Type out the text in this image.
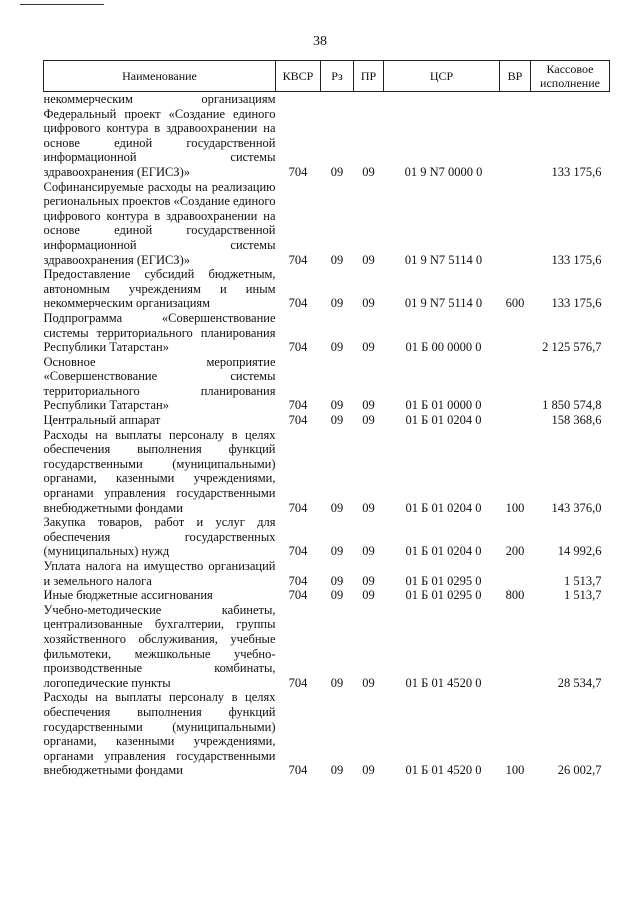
38
Наименование	КВСР	Рз	ПР	ЦСР	ВР	Кассовое исполнение
некоммерческим организациям						
Федеральный проект «Создание единого цифрового контура в здравоохранении на основе единой государственной информационной системы здравоохранения (ЕГИСЗ)»	704	09	09	01 9 N7 0000 0		133 175,6
Софинансируемые расходы на реализацию региональных проектов «Создание единого цифрового контура в здравоохранении на основе единой государственной информационной системы здравоохранения (ЕГИСЗ)»	704	09	09	01 9 N7 5114 0		133 175,6
Предоставление субсидий бюджетным, автономным учреждениям и иным некоммерческим организациям	704	09	09	01 9 N7 5114 0	600	133 175,6
Подпрограмма «Совершенствование системы территориального планирования Республики Татарстан»	704	09	09	01 Б 00 0000 0		2 125 576,7
Основное мероприятие «Совершенствование системы территориального планирования Республики Татарстан»	704	09	09	01 Б 01 0000 0		1 850 574,8
Центральный аппарат	704	09	09	01 Б 01 0204 0		158 368,6
Расходы на выплаты персоналу в целях обеспечения выполнения функций государственными (муниципальными) органами, казенными учреждениями, органами управления государственными внебюджетными фондами	704	09	09	01 Б 01 0204 0	100	143 376,0
Закупка товаров, работ и услуг для обеспечения государственных (муниципальных) нужд	704	09	09	01 Б 01 0204 0	200	14 992,6
Уплата налога на имущество организаций и земельного налога	704	09	09	01 Б 01 0295 0		1 513,7
Иные бюджетные ассигнования	704	09	09	01 Б 01 0295 0	800	1 513,7
Учебно-методические кабинеты, централизованные бухгалтерии, группы хозяйственного обслуживания, учебные фильмотеки, межшкольные учебно-производственные комбинаты, логопедические пункты	704	09	09	01 Б 01 4520 0		28 534,7
Расходы на выплаты персоналу в целях обеспечения выполнения функций государственными (муниципальными) органами, казенными учреждениями, органами управления государственными внебюджетными фондами	704	09	09	01 Б 01 4520 0	100	26 002,7
